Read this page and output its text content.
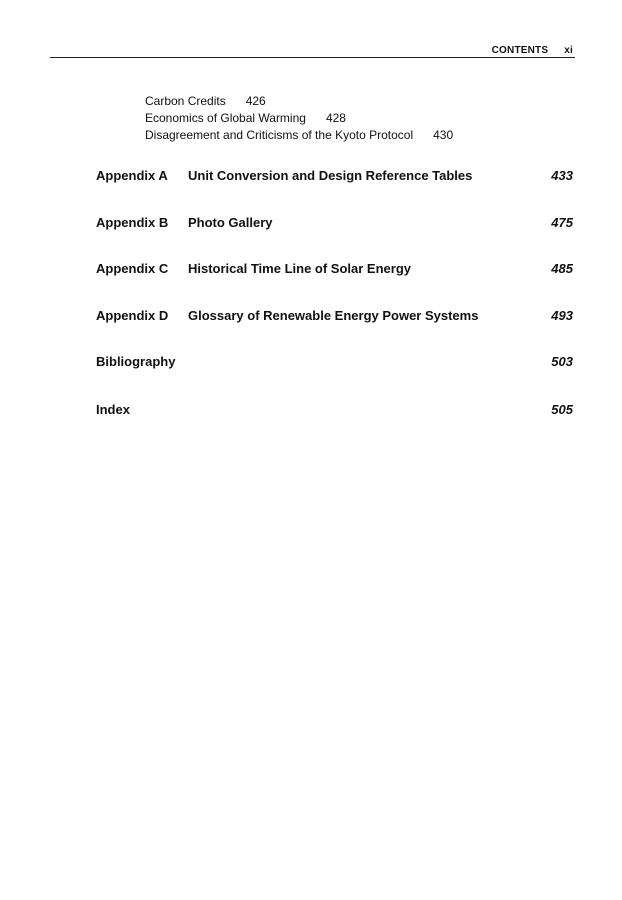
CONTENTS xi
Carbon Credits 426
Economics of Global Warming 428
Disagreement and Criticisms of the Kyoto Protocol 430
Appendix A Unit Conversion and Design Reference Tables	433
Appendix B Photo Gallery	475
Appendix C Historical Time Line of Solar Energy	485
Appendix D Glossary of Renewable Energy Power Systems	493
Bibliography	503
Index	505
